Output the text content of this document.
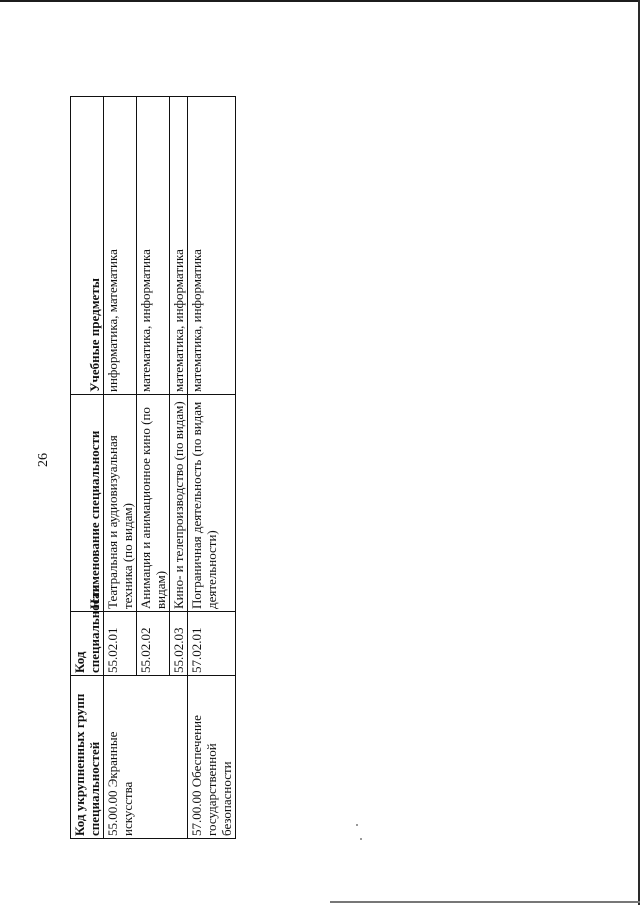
26
Код укрупненных групп специальностей	Код специальности	Наименование специальности	Учебные предметы
55.00.00 Экранные искусства	55.02.01	Театральная и аудиовизуальная техника (по видам)	информатика, математика
	55.02.02	Анимация и анимационное кино (по видам)	математика, информатика
	55.02.03	Кино- и телепроизводство (по видам)	математика, информатика
57.00.00 Обеспечение государственной безопасности	57.02.01	Пограничная деятельность (по видам деятельности)	математика, информатика
